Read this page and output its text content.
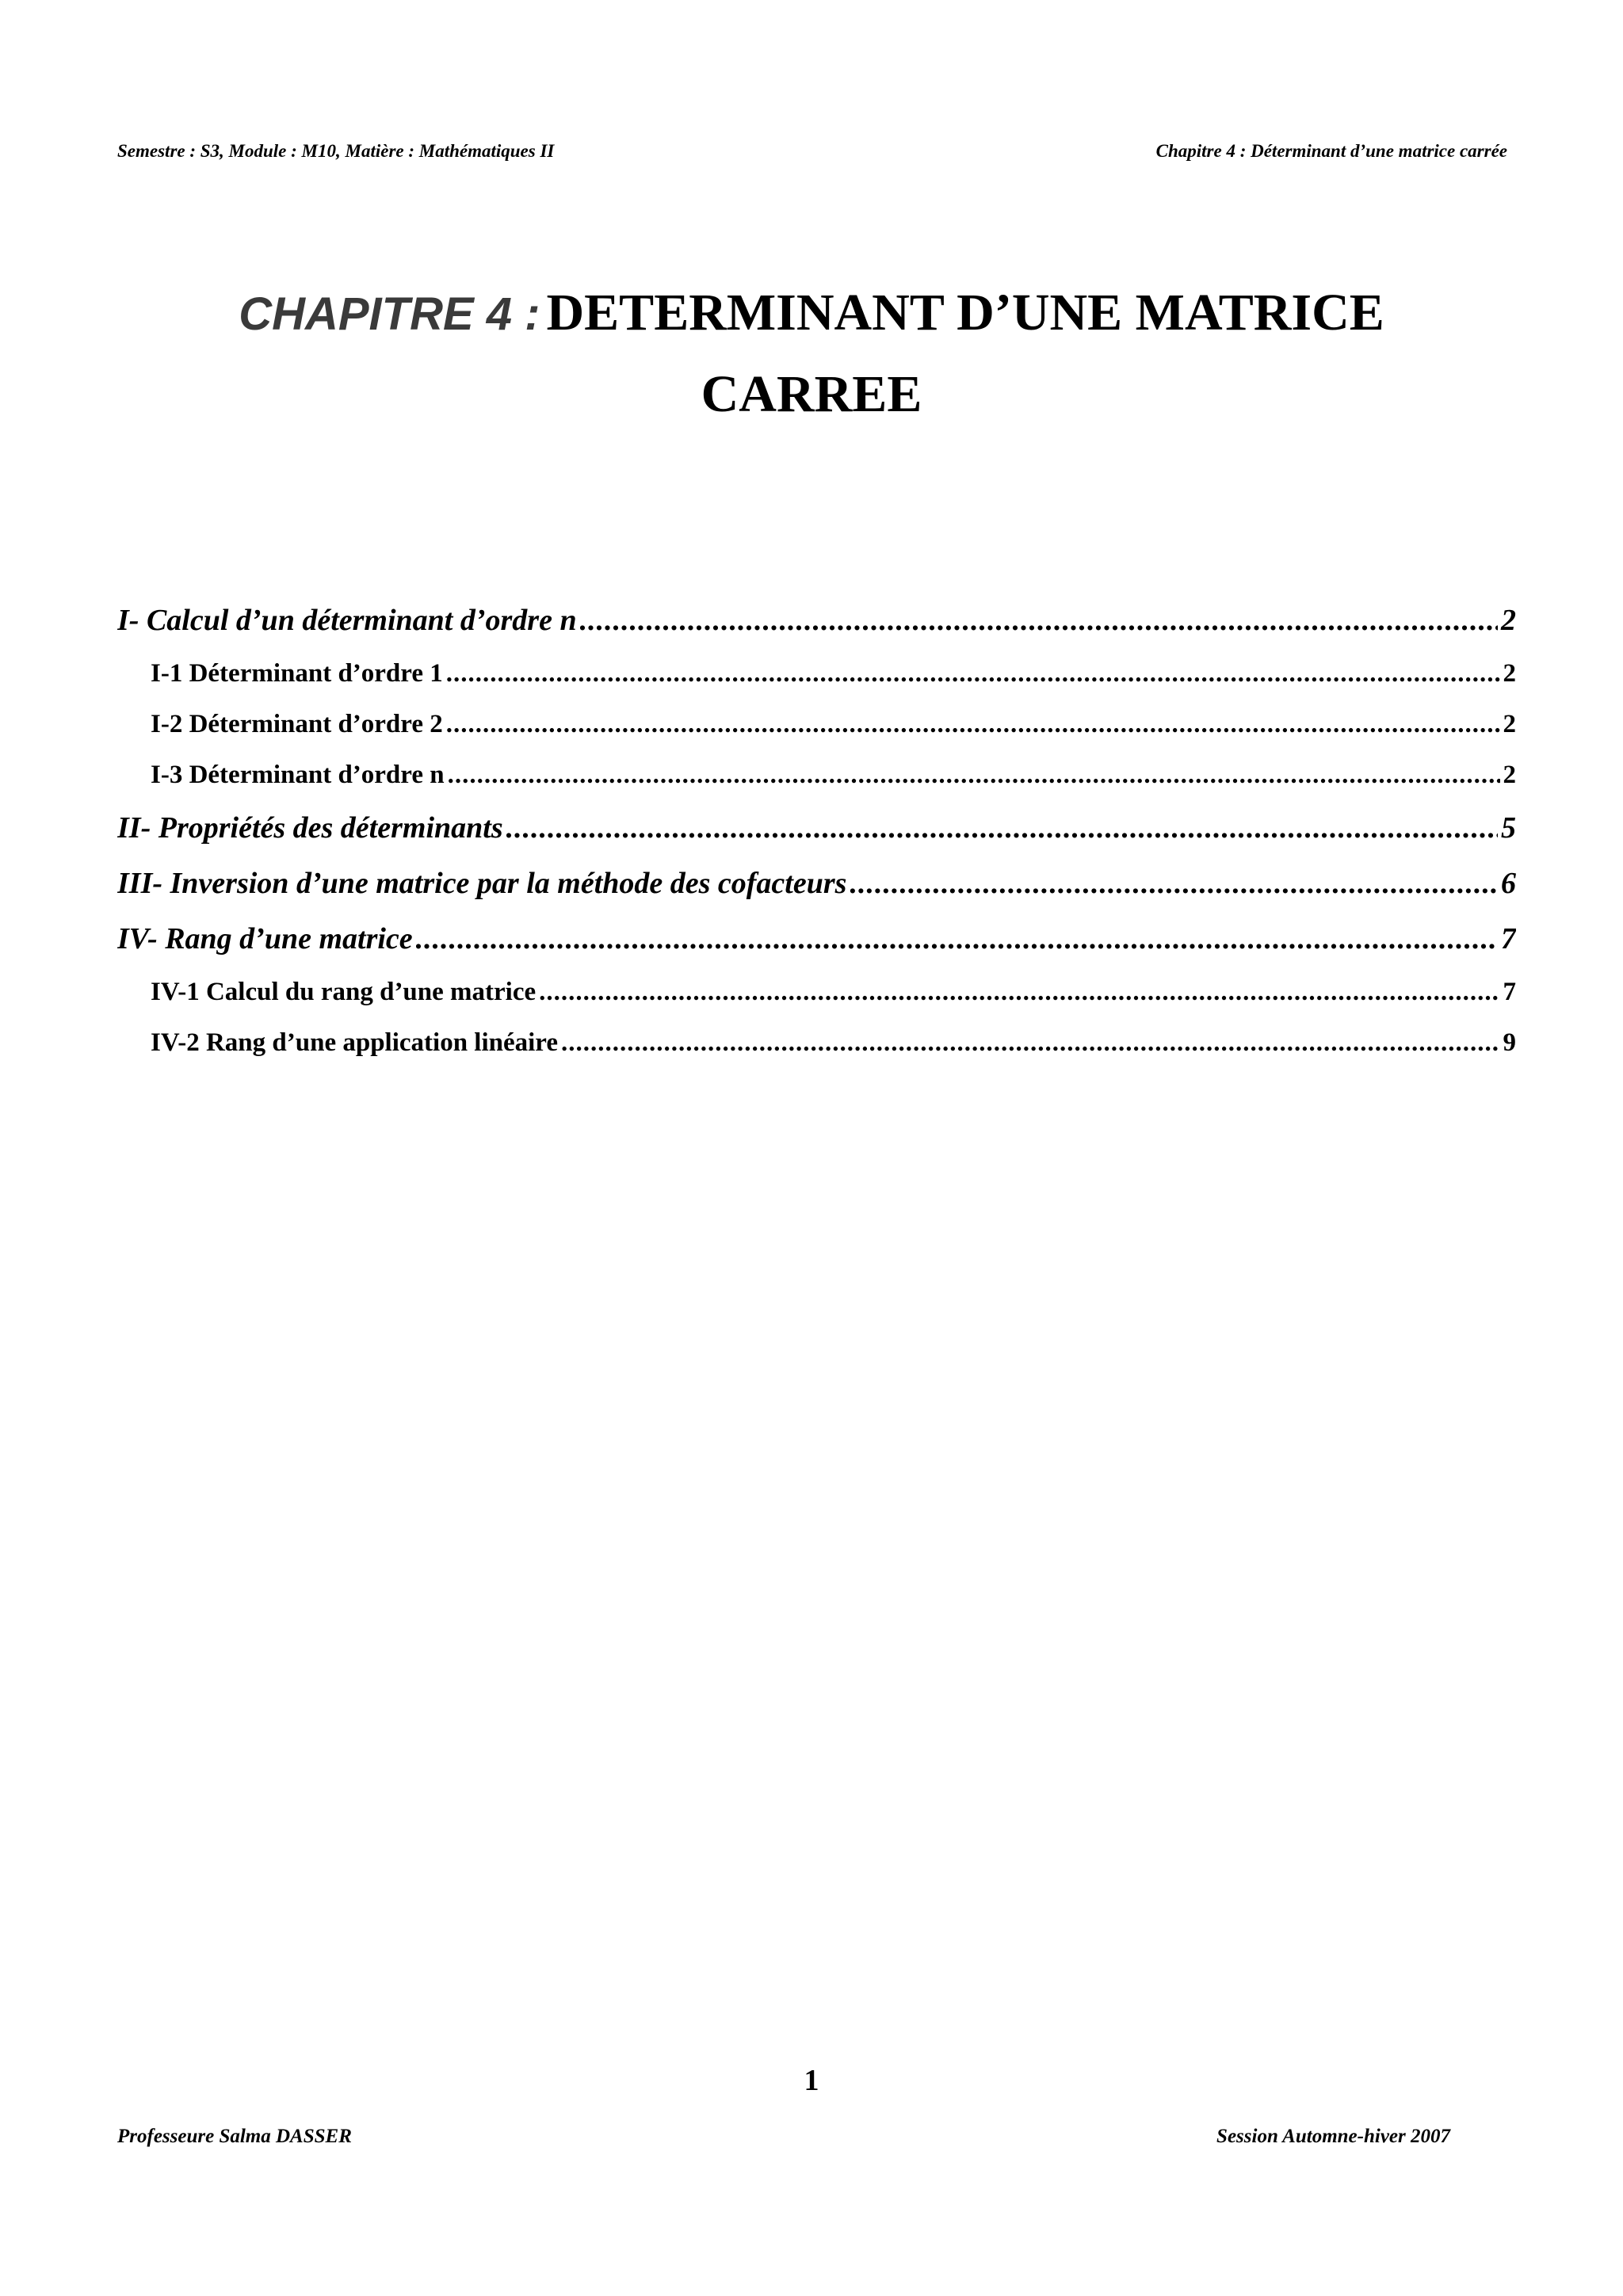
Semestre : S3, Module : M10, Matière : Mathématiques II	Chapitre 4 : Déterminant d’une matrice carrée
CHAPITRE 4 : DETERMINANT D’UNE MATRICE
CARREE
I- Calcul d’un déterminant d’ordre n .....	2
I-1 Déterminant d’ordre 1 .....	2
I-2 Déterminant d’ordre 2 .....	2
I-3 Déterminant d’ordre n .....	2
II- Propriétés des déterminants .....	5
III- Inversion d’une matrice par la méthode des cofacteurs .....	6
IV- Rang d’une matrice .....	7
IV-1 Calcul du rang d’une matrice .....	7
IV-2 Rang d’une application linéaire .....	9
1
Professeure Salma DASSER	Session Automne-hiver 2007
